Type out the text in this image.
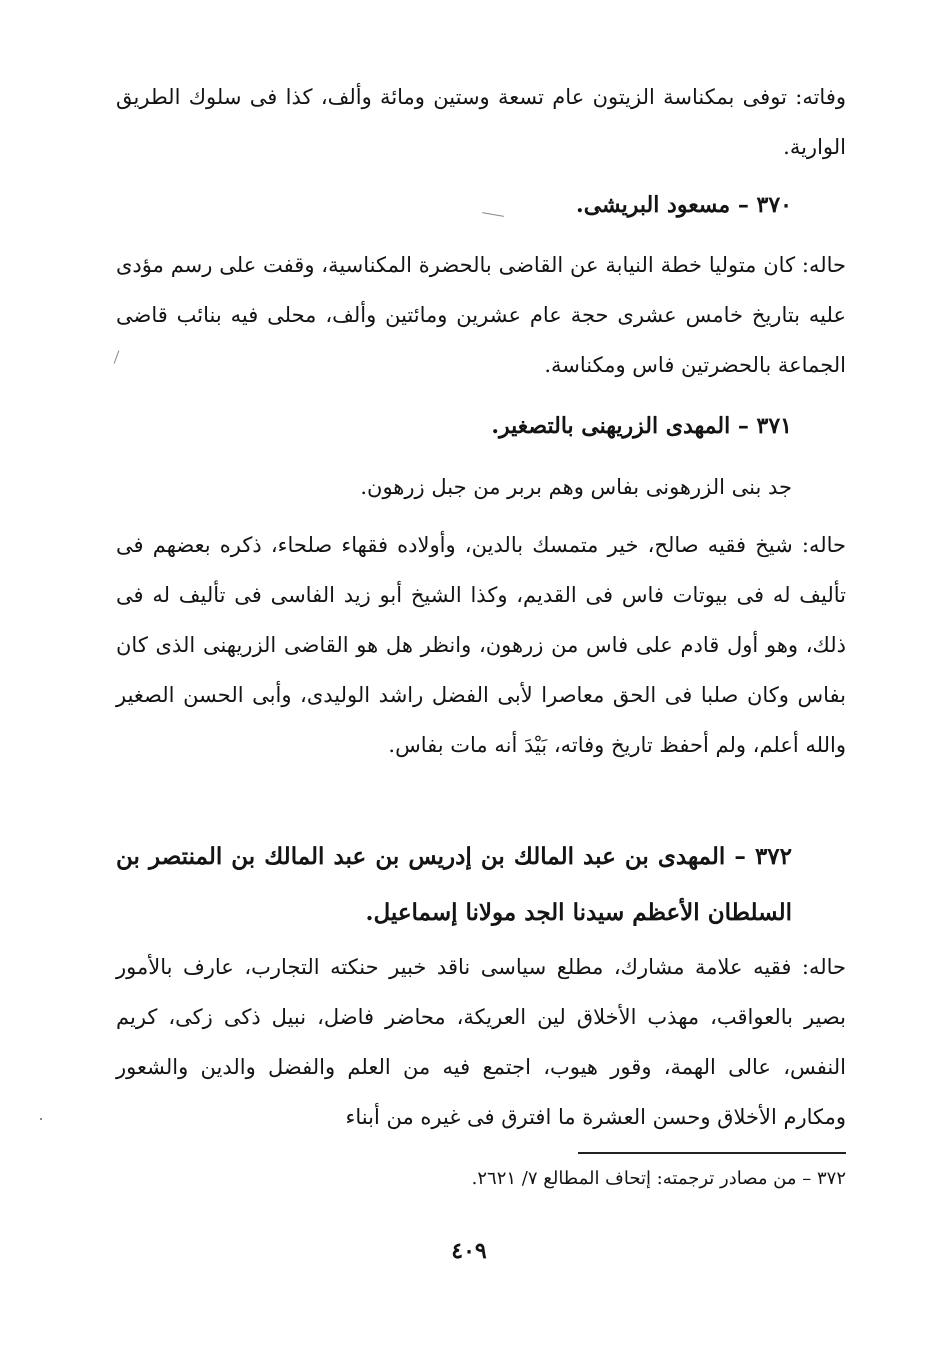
وفاته: توفى بمكناسة الزيتون عام تسعة وستين ومائة وألف، كذا فى سلوك الطريق الوارية.

٣٧٠ – مسعود البريشى.

حاله: كان متوليا خطة النيابة عن القاضى بالحضرة المكناسية، وقفت على رسم مؤدى عليه بتاريخ خامس عشرى حجة عام عشرين ومائتين وألف، محلى فيه بنائب قاضى الجماعة بالحضرتين فاس ومكناسة.

٣٧١ – المهدى الزريهنى بالتصغير.

جد بنى الزرهونى بفاس وهم بربر من جبل زرهون.

حاله: شيخ فقيه صالح، خير متمسك بالدين، وأولاده فقهاء صلحاء، ذكره بعضهم فى تأليف له فى بيوتات فاس فى القديم، وكذا الشيخ أبو زيد الفاسى فى تأليف له فى ذلك، وهو أول قادم على فاس من زرهون، وانظر هل هو القاضى الزريهنى الذى كان بفاس وكان صلبا فى الحق معاصرا لأبى الفضل راشد الوليدى، وأبى الحسن الصغير والله أعلم، ولم أحفظ تاريخ وفاته، بَيْدَ أنه مات بفاس.

٣٧٢ – المهدى بن عبد المالك بن إدريس بن عبد المالك بن المنتصر بن السلطان الأعظم سيدنا الجد مولانا إسماعيل.

حاله: فقيه علامة مشارك، مطلع سياسى ناقد خبير حنكته التجارب، عارف بالأمور بصير بالعواقب، مهذب الأخلاق لين العريكة، محاضر فاضل، نبيل ذكى زكى، كريم النفس، عالى الهمة، وقور هيوب، اجتمع فيه من العلم والفضل والدين والشعور ومكارم الأخلاق وحسن العشرة ما افترق فى غيره من أبناء

٣٧٢ – من مصادر ترجمته: إتحاف المطالع ٧/ ٢٦٢١.

٤٠٩
